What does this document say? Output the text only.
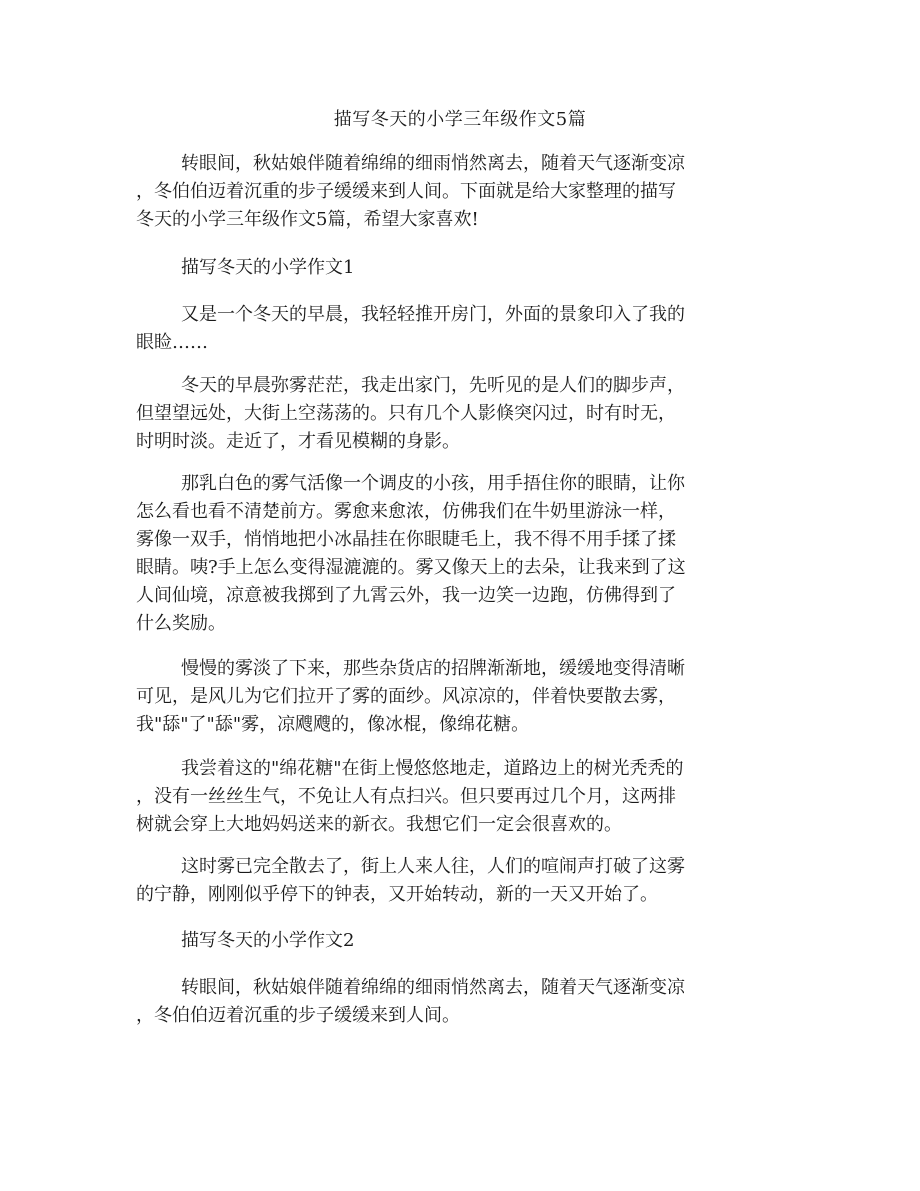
描写冬天的小学三年级作文5篇
转眼间，秋姑娘伴随着绵绵的细雨悄然离去，随着天气逐渐变凉
，冬伯伯迈着沉重的步子缓缓来到人间。下面就是给大家整理的描写
冬天的小学三年级作文5篇，希望大家喜欢!
描写冬天的小学作文1
又是一个冬天的早晨，我轻轻推开房门，外面的景象印入了我的
眼睑……
冬天的早晨弥雾茫茫，我走出家门，先听见的是人们的脚步声，
但望望远处，大街上空荡荡的。只有几个人影倏突闪过，时有时无，
时明时淡。走近了，才看见模糊的身影。
那乳白色的雾气活像一个调皮的小孩，用手捂住你的眼睛，让你
怎么看也看不清楚前方。雾愈来愈浓，仿佛我们在牛奶里游泳一样，
雾像一双手，悄悄地把小冰晶挂在你眼睫毛上，我不得不用手揉了揉
眼睛。咦?手上怎么变得湿漉漉的。雾又像天上的去朵，让我来到了这
人间仙境，凉意被我掷到了九霄云外，我一边笑一边跑，仿佛得到了
什么奖励。
慢慢的雾淡了下来，那些杂货店的招牌渐渐地，缓缓地变得清晰
可见，是风儿为它们拉开了雾的面纱。风凉凉的，伴着快要散去雾，
我"舔"了"舔"雾，凉飕飕的，像冰棍，像绵花糖。
我尝着这的"绵花糖"在街上慢悠悠地走，道路边上的树光秃秃的
，没有一丝丝生气，不免让人有点扫兴。但只要再过几个月，这两排
树就会穿上大地妈妈送来的新衣。我想它们一定会很喜欢的。
这时雾已完全散去了，街上人来人往，人们的喧闹声打破了这雾
的宁静，刚刚似乎停下的钟表，又开始转动，新的一天又开始了。
描写冬天的小学作文2
转眼间，秋姑娘伴随着绵绵的细雨悄然离去，随着天气逐渐变凉
，冬伯伯迈着沉重的步子缓缓来到人间。
